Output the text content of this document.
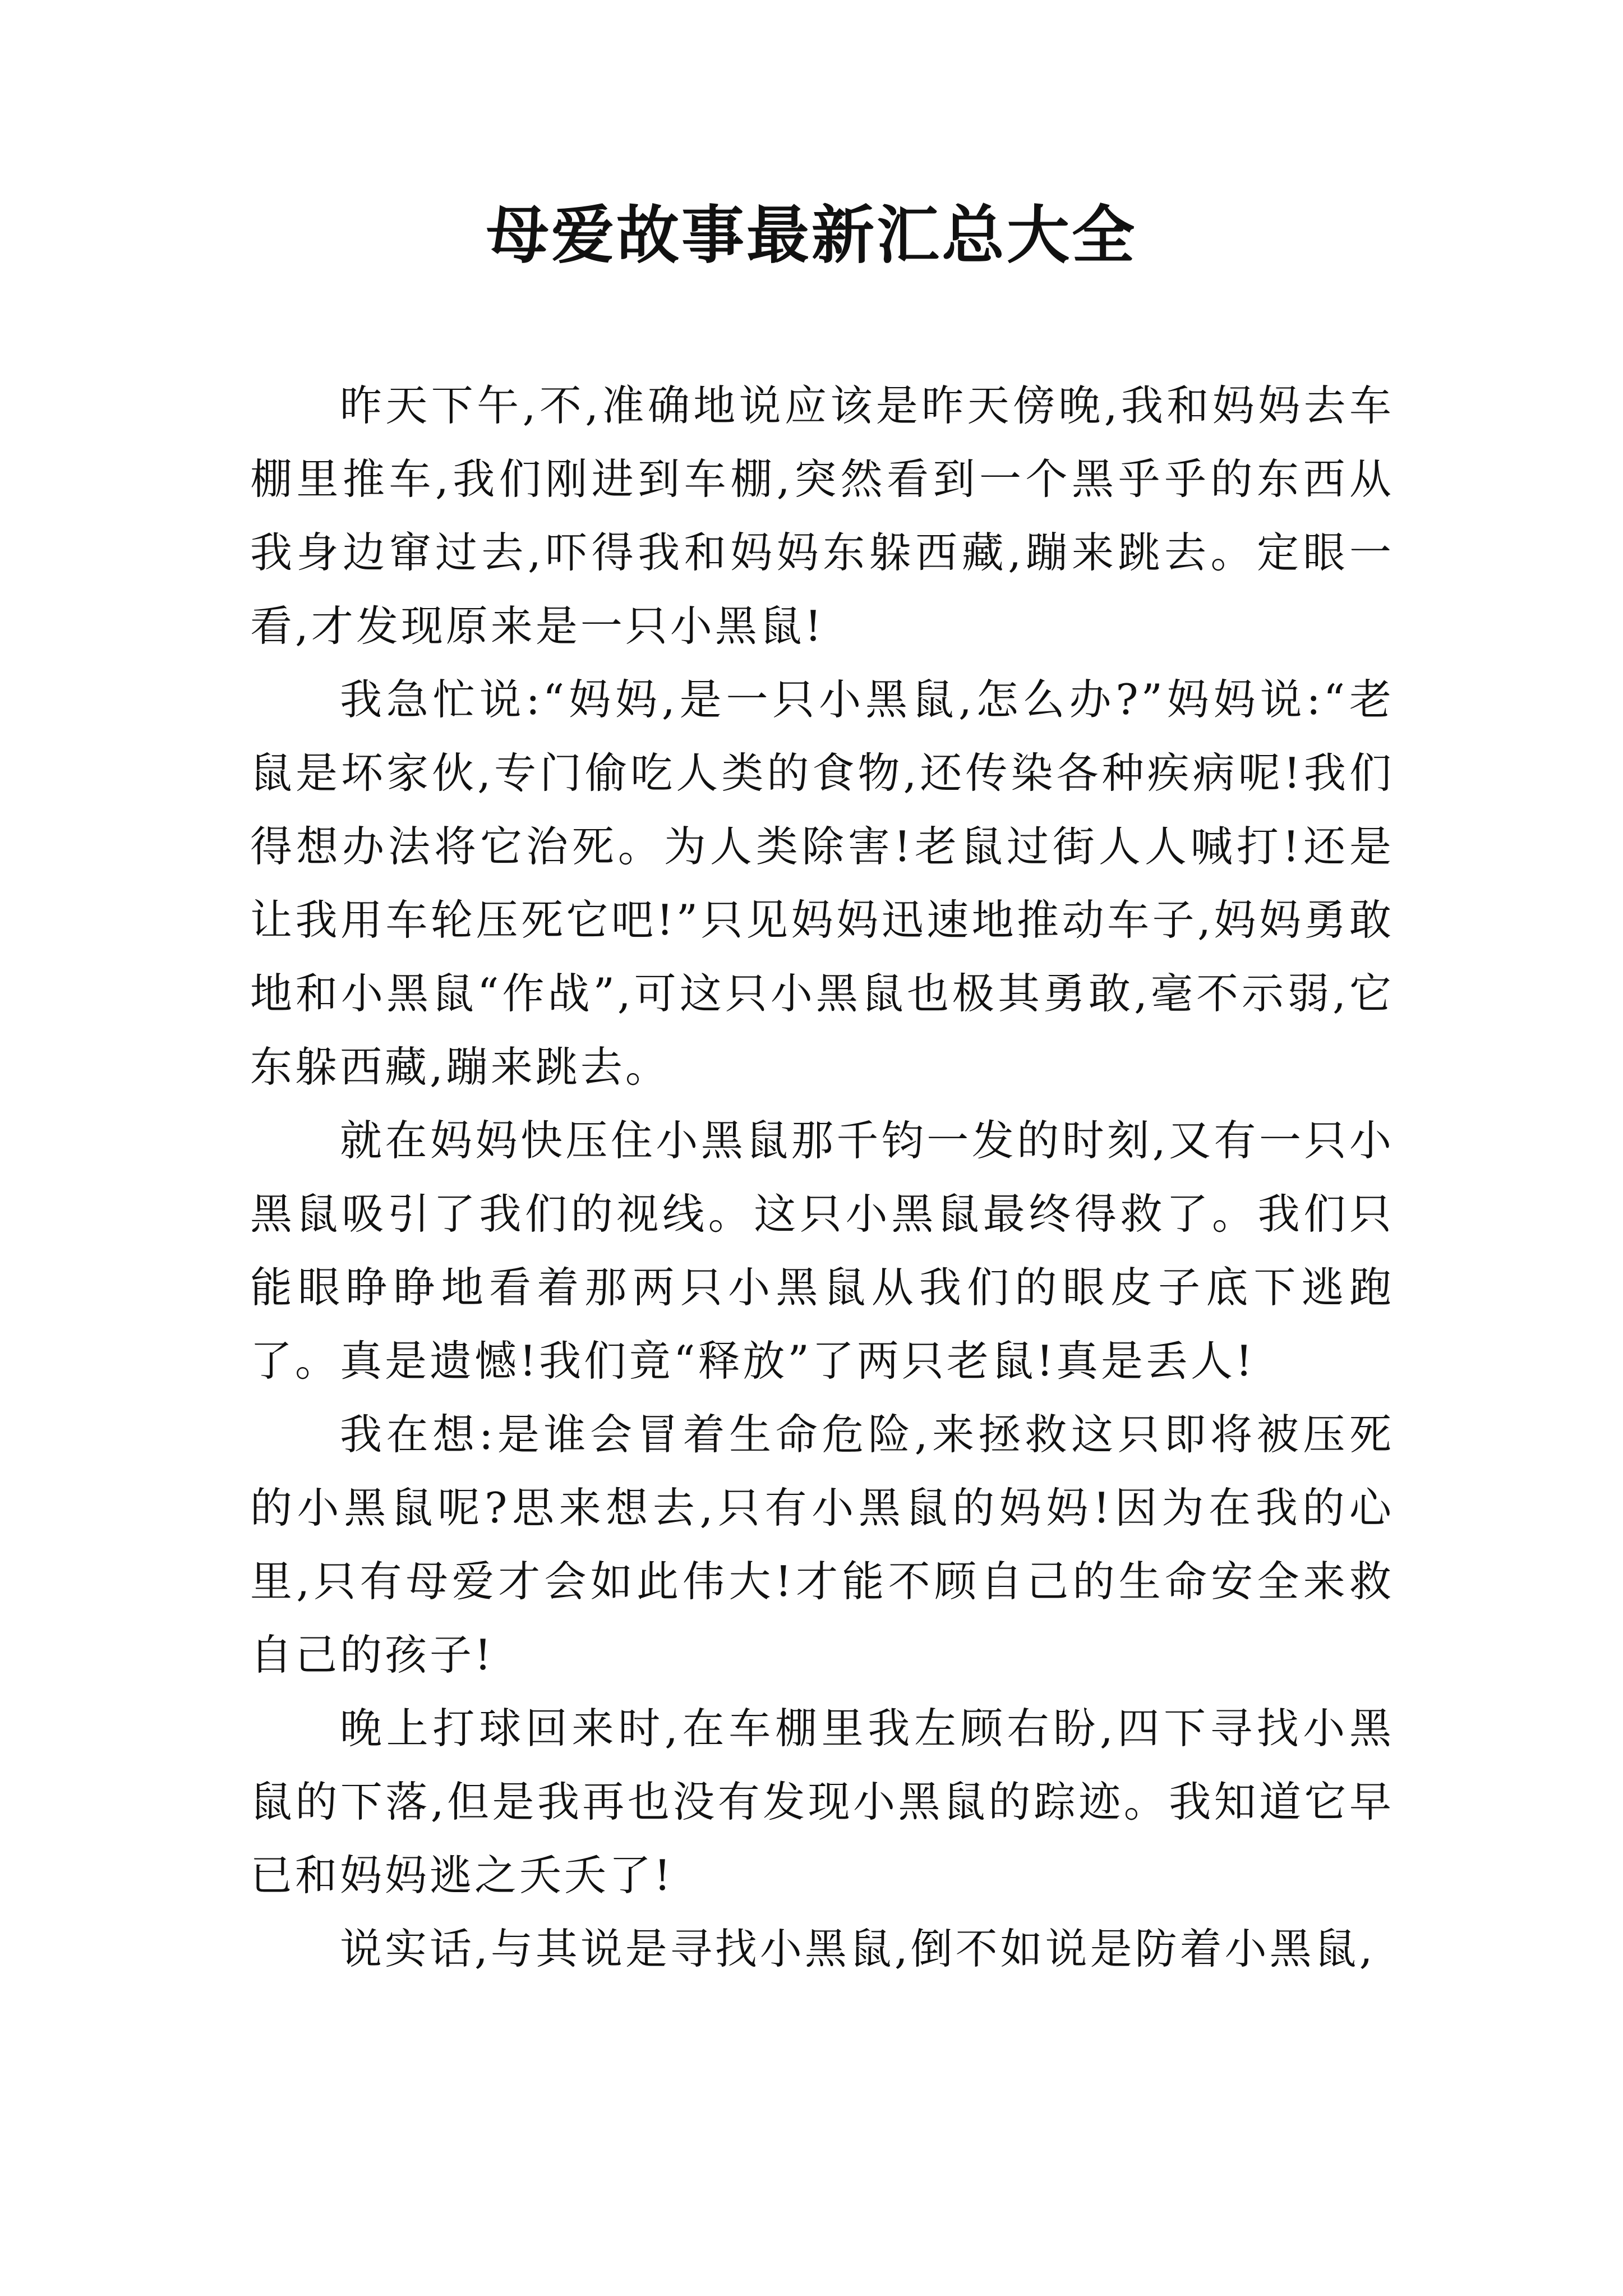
母爱故事最新汇总大全

昨天下午,不,准确地说应该是昨天傍晚,我和妈妈去车棚里推车,我们刚进到车棚,突然看到一个黑乎乎的东西从我身边窜过去,吓得我和妈妈东躲西藏,蹦来跳去。定眼一看,才发现原来是一只小黑鼠!

我急忙说:“妈妈,是一只小黑鼠,怎么办?”妈妈说:“老鼠是坏家伙,专门偷吃人类的食物,还传染各种疾病呢!我们得想办法将它治死。为人类除害!老鼠过街人人喊打!还是让我用车轮压死它吧!”只见妈妈迅速地推动车子,妈妈勇敢地和小黑鼠“作战”,可这只小黑鼠也极其勇敢,毫不示弱,它东躲西藏,蹦来跳去。

就在妈妈快压住小黑鼠那千钧一发的时刻,又有一只小黑鼠吸引了我们的视线。这只小黑鼠最终得救了。我们只能眼睁睁地看着那两只小黑鼠从我们的眼皮子底下逃跑了。真是遗憾!我们竟“释放”了两只老鼠!真是丢人!

我在想:是谁会冒着生命危险,来拯救这只即将被压死的小黑鼠呢?思来想去,只有小黑鼠的妈妈!因为在我的心里,只有母爱才会如此伟大!才能不顾自己的生命安全来救自己的孩子!

晚上打球回来时,在车棚里我左顾右盼,四下寻找小黑鼠的下落,但是我再也没有发现小黑鼠的踪迹。我知道它早已和妈妈逃之夭夭了!

说实话,与其说是寻找小黑鼠,倒不如说是防着小黑鼠,
